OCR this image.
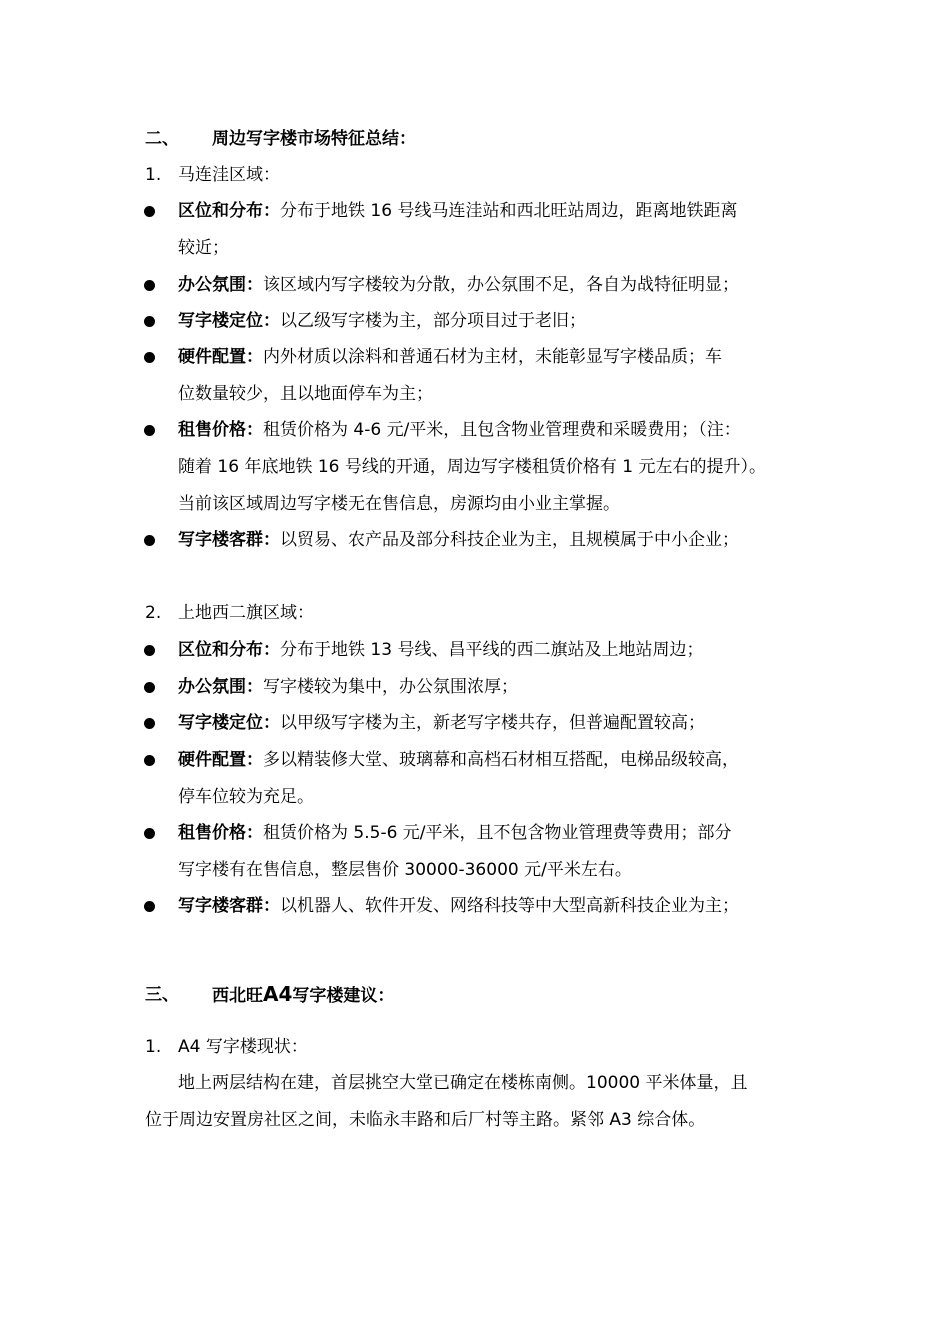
二、 周边写字楼市场特征总结：
1. 马连洼区域：
区位和分布：分布于地铁 16 号线马连洼站和西北旺站周边，距离地铁距离
较近；
办公氛围：该区域内写字楼较为分散，办公氛围不足，各自为战特征明显；
写字楼定位：以乙级写字楼为主，部分项目过于老旧；
硬件配置：内外材质以涂料和普通石材为主材，未能彰显写字楼品质；车
位数量较少，且以地面停车为主；
租售价格：租赁价格为 4-6 元/平米，且包含物业管理费和采暖费用；（注：
随着 16 年底地铁 16 号线的开通，周边写字楼租赁价格有 1 元左右的提升）。
当前该区域周边写字楼无在售信息，房源均由小业主掌握。
写字楼客群：以贸易、农产品及部分科技企业为主，且规模属于中小企业；
2. 上地西二旗区域：
区位和分布：分布于地铁 13 号线、昌平线的西二旗站及上地站周边；
办公氛围：写字楼较为集中，办公氛围浓厚；
写字楼定位：以甲级写字楼为主，新老写字楼共存，但普遍配置较高；
硬件配置：多以精装修大堂、玻璃幕和高档石材相互搭配，电梯品级较高，
停车位较为充足。
租售价格：租赁价格为 5.5-6 元/平米，且不包含物业管理费等费用；部分
写字楼有在售信息，整层售价 30000-36000 元/平米左右。
写字楼客群：以机器人、软件开发、网络科技等中大型高新科技企业为主；
三、 西北旺A4写字楼建议：
1. A4 写字楼现状：
地上两层结构在建，首层挑空大堂已确定在楼栋南侧。10000 平米体量，且
位于周边安置房社区之间，未临永丰路和后厂村等主路。紧邻 A3 综合体。
